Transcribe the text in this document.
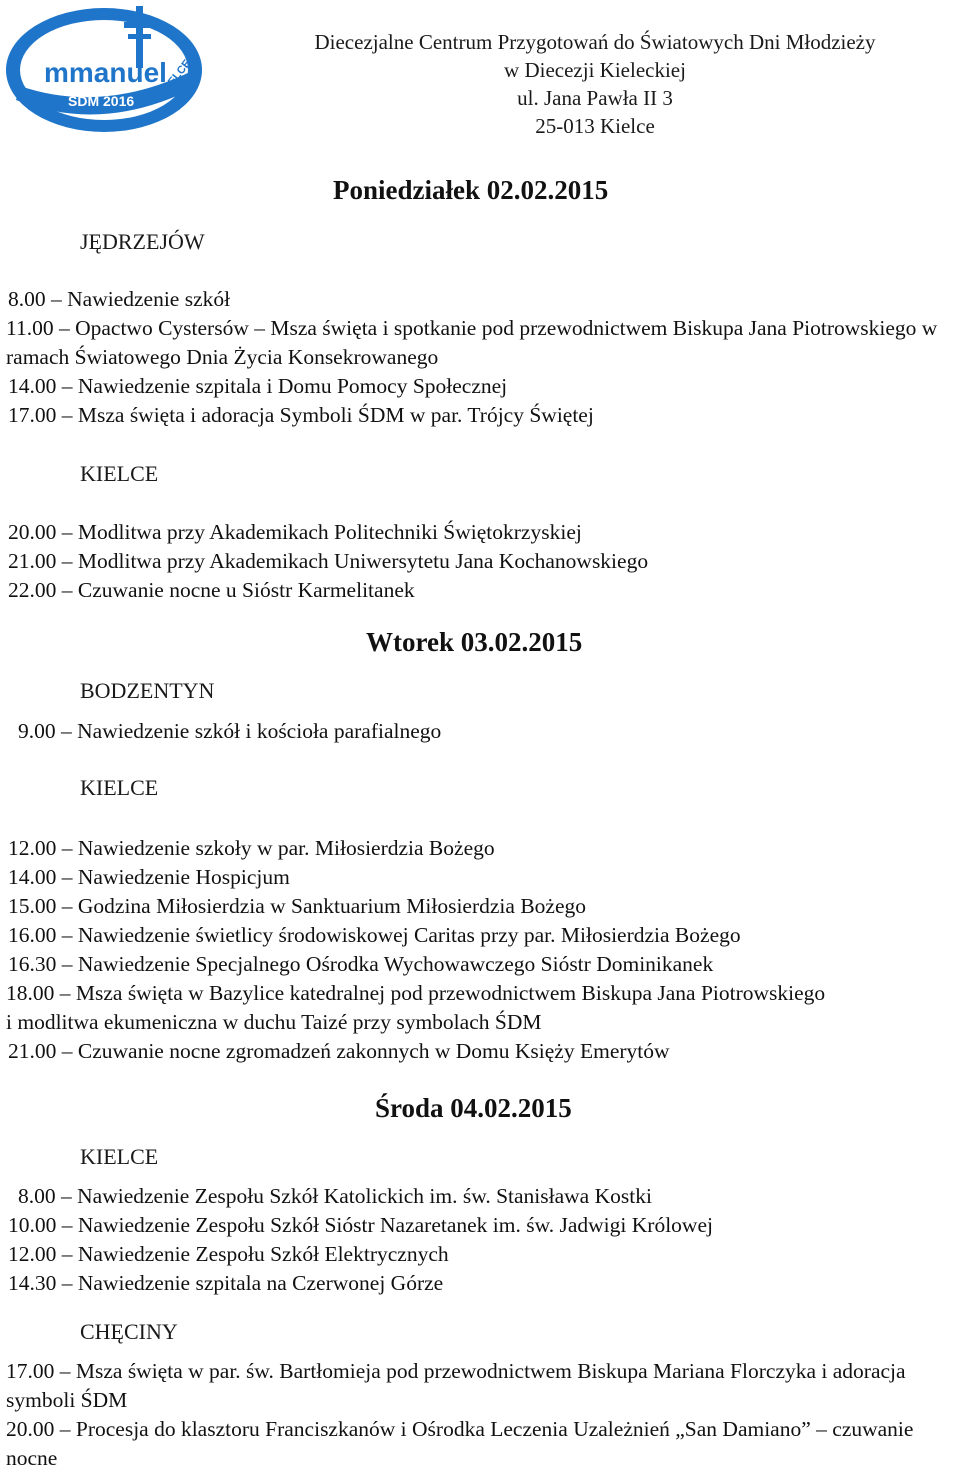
mmanuel
ŚDM 2016
KIELCE
Diecezjalne Centrum Przygotowań do Światowych Dni Młodzieży
w Diecezji Kieleckiej
ul. Jana Pawła II 3
25-013 Kielce
Poniedziałek 02.02.2015
JĘDRZEJÓW
8.00 – Nawiedzenie szkół
11.00 – Opactwo Cystersów – Msza święta i spotkanie pod przewodnictwem Biskupa Jana Piotrowskiego w ramach Światowego Dnia Życia Konsekrowanego
14.00 – Nawiedzenie szpitala i Domu Pomocy Społecznej
17.00 – Msza święta i adoracja Symboli ŚDM w par. Trójcy Świętej
KIELCE
20.00 – Modlitwa przy Akademikach Politechniki Świętokrzyskiej
21.00 – Modlitwa przy Akademikach Uniwersytetu Jana Kochanowskiego
22.00 – Czuwanie nocne u Sióstr Karmelitanek
Wtorek 03.02.2015
BODZENTYN
9.00 – Nawiedzenie szkół i kościoła parafialnego
KIELCE
12.00 – Nawiedzenie szkoły w par. Miłosierdzia Bożego
14.00 – Nawiedzenie Hospicjum
15.00 – Godzina Miłosierdzia w Sanktuarium Miłosierdzia Bożego
16.00 – Nawiedzenie świetlicy środowiskowej Caritas przy par. Miłosierdzia Bożego
16.30 – Nawiedzenie Specjalnego Ośrodka Wychowawczego Sióstr Dominikanek
18.00 – Msza święta w Bazylice katedralnej pod przewodnictwem Biskupa Jana Piotrowskiego i modlitwa ekumeniczna w duchu Taizé przy symbolach ŚDM
21.00 – Czuwanie nocne zgromadzeń zakonnych w Domu Księży Emerytów
Środa 04.02.2015
KIELCE
8.00 – Nawiedzenie Zespołu Szkół Katolickich im. św. Stanisława Kostki
10.00 – Nawiedzenie Zespołu Szkół Sióstr Nazaretanek im. św. Jadwigi Królowej
12.00 – Nawiedzenie Zespołu Szkół Elektrycznych
14.30 – Nawiedzenie szpitala na Czerwonej Górze
CHĘCINY
17.00 – Msza święta w par. św. Bartłomieja pod przewodnictwem Biskupa Mariana Florczyka i adoracja symboli ŚDM
20.00 – Procesja do klasztoru Franciszkanów i Ośrodka Leczenia Uzależnień „San Damiano” – czuwanie nocne
